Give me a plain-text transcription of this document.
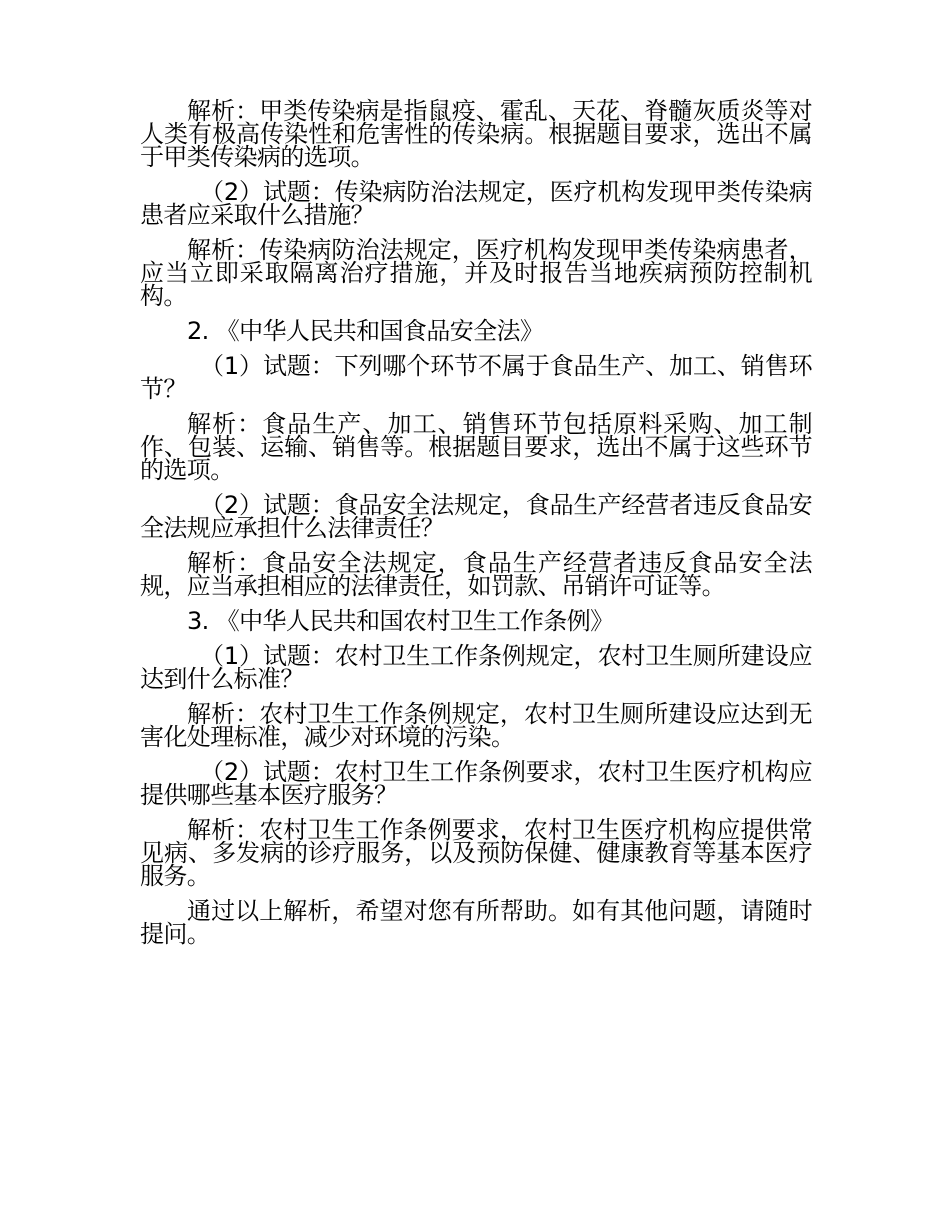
解析：甲类传染病是指鼠疫、霍乱、天花、脊髓灰质炎等对人类有极高传染性和危害性的传染病。根据题目要求，选出不属于甲类传染病的选项。

（2）试题：传染病防治法规定，医疗机构发现甲类传染病患者应采取什么措施？

解析：传染病防治法规定，医疗机构发现甲类传染病患者，应当立即采取隔离治疗措施，并及时报告当地疾病预防控制机构。

2. 《中华人民共和国食品安全法》

（1）试题：下列哪个环节不属于食品生产、加工、销售环节？

解析：食品生产、加工、销售环节包括原料采购、加工制作、包装、运输、销售等。根据题目要求，选出不属于这些环节的选项。

（2）试题：食品安全法规定，食品生产经营者违反食品安全法规应承担什么法律责任？

解析：食品安全法规定，食品生产经营者违反食品安全法规，应当承担相应的法律责任，如罚款、吊销许可证等。

3. 《中华人民共和国农村卫生工作条例》

（1）试题：农村卫生工作条例规定，农村卫生厕所建设应达到什么标准？

解析：农村卫生工作条例规定，农村卫生厕所建设应达到无害化处理标准，减少对环境的污染。

（2）试题：农村卫生工作条例要求，农村卫生医疗机构应提供哪些基本医疗服务？

解析：农村卫生工作条例要求，农村卫生医疗机构应提供常见病、多发病的诊疗服务，以及预防保健、健康教育等基本医疗服务。

通过以上解析，希望对您有所帮助。如有其他问题，请随时提问。
